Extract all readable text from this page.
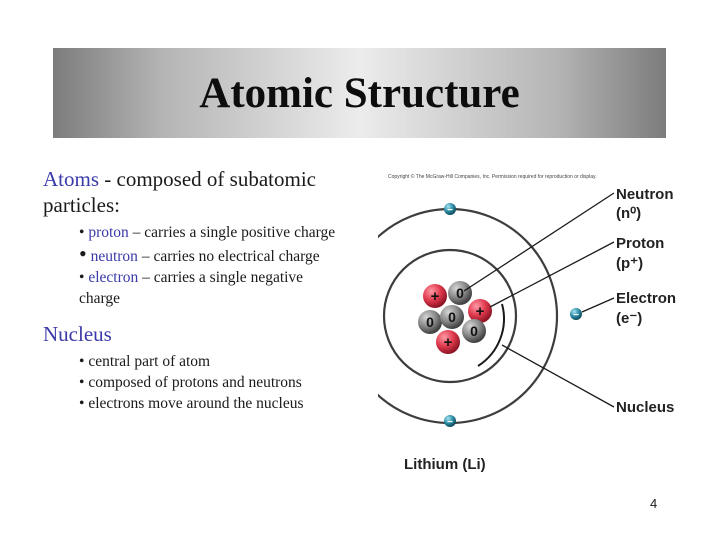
Atomic Structure

Atoms - composed of subatomic particles:

• proton – carries a single positive charge

• neutron – carries no electrical charge

• electron – carries a single negative charge

Nucleus

• central part of atom

• composed of protons and neutrons

• electrons move around the nucleus

Copyright © The McGraw-Hill Companies, Inc. Permission required for reproduction or display.
0
+
+
0 0
0
+
−
−
−
Neutron
(n⁰)
Proton
(p⁺)
Electron
(e⁻)
Nucleus
Lithium (Li)
4
